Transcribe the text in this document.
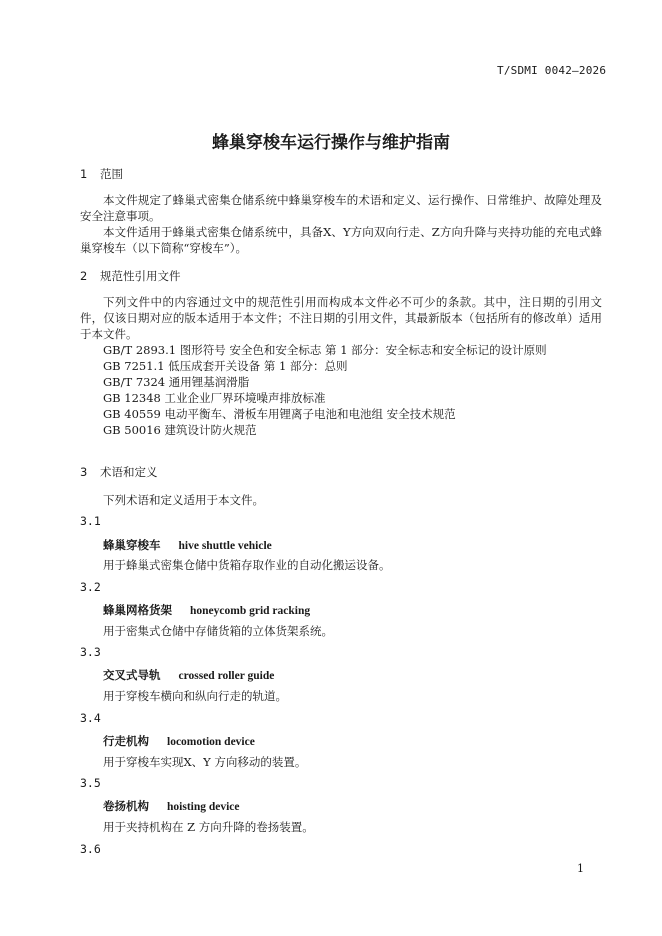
T/SDMI 0042—2026
蜂巢穿梭车运行操作与维护指南
1 范围
本文件规定了蜂巢式密集仓储系统中蜂巢穿梭车的术语和定义、运行操作、日常维护、故障处理及安全注意事项。
本文件适用于蜂巢式密集仓储系统中，具备X、Y方向双向行走、Z方向升降与夹持功能的充电式蜂巢穿梭车（以下简称“穿梭车”）。
2 规范性引用文件
下列文件中的内容通过文中的规范性引用而构成本文件必不可少的条款。其中，注日期的引用文件，仅该日期对应的版本适用于本文件；不注日期的引用文件，其最新版本（包括所有的修改单）适用于本文件。
GB/T 2893.1 图形符号 安全色和安全标志 第 1 部分：安全标志和安全标记的设计原则
GB 7251.1 低压成套开关设备 第 1 部分：总则
GB/T 7324 通用锂基润滑脂
GB 12348 工业企业厂界环境噪声排放标准
GB 40559 电动平衡车、滑板车用锂离子电池和电池组 安全技术规范
GB 50016 建筑设计防火规范
3 术语和定义
下列术语和定义适用于本文件。
3.1
蜂巢穿梭车 hive shuttle vehicle
用于蜂巢式密集仓储中货箱存取作业的自动化搬运设备。
3.2
蜂巢网格货架 honeycomb grid racking
用于密集式仓储中存储货箱的立体货架系统。
3.3
交叉式导轨 crossed roller guide
用于穿梭车横向和纵向行走的轨道。
3.4
行走机构 locomotion device
用于穿梭车实现X、Y 方向移动的装置。
3.5
卷扬机构 hoisting device
用于夹持机构在 Z 方向升降的卷扬装置。
3.6
1
